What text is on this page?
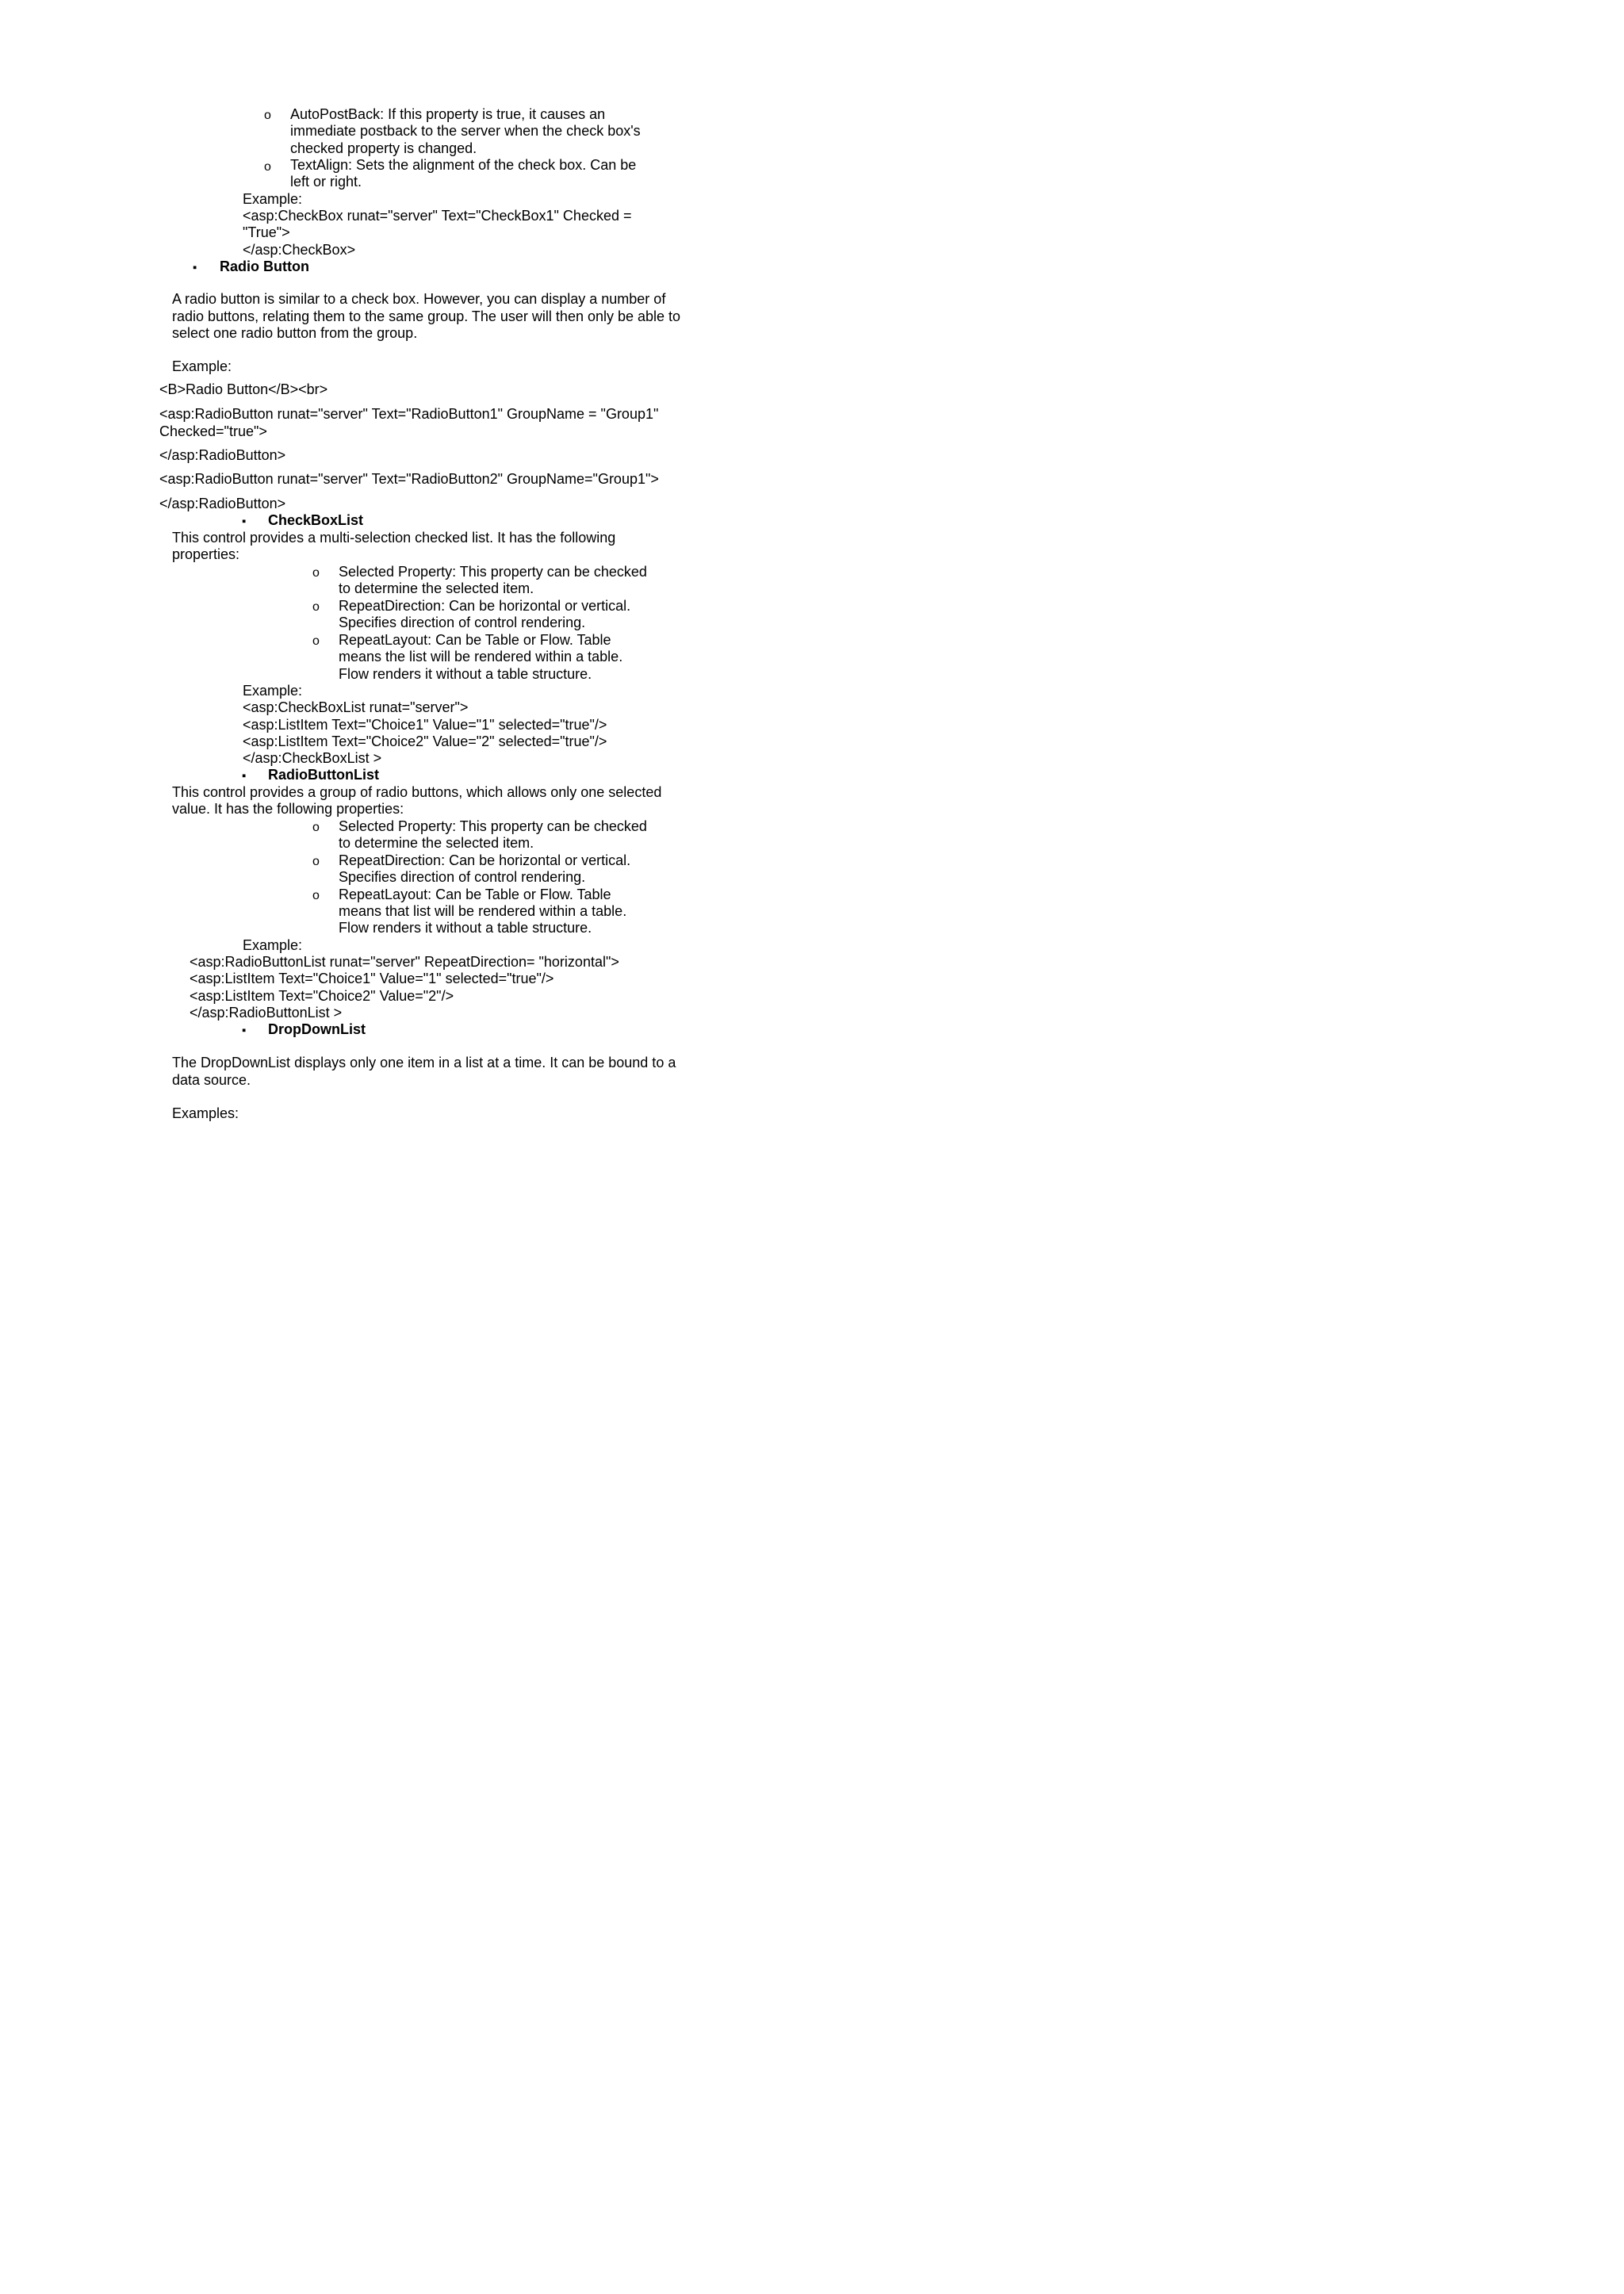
o AutoPostBack: If this property is true, it causes an
immediate postback to the server when the check box's
checked property is changed.
o TextAlign: Sets the alignment of the check box. Can be
left or right.
Example:
<asp:CheckBox runat="server" Text="CheckBox1" Checked =
"True">
</asp:CheckBox>
▪ Radio Button
A radio button is similar to a check box. However, you can display a number of
radio buttons, relating them to the same group. The user will then only be able to
select one radio button from the group.
Example:
<B>Radio Button</B><br>
<asp:RadioButton runat="server" Text="RadioButton1" GroupName = "Group1"
Checked="true">
</asp:RadioButton>
<asp:RadioButton runat="server" Text="RadioButton2" GroupName="Group1">
</asp:RadioButton>
▪ CheckBoxList
This control provides a multi-selection checked list. It has the following
properties:
o Selected Property: This property can be checked
to determine the selected item.
o RepeatDirection: Can be horizontal or vertical.
Specifies direction of control rendering.
o RepeatLayout: Can be Table or Flow. Table
means the list will be rendered within a table.
Flow renders it without a table structure.
Example:
<asp:CheckBoxList runat="server">
<asp:ListItem Text="Choice1" Value="1" selected="true"/>
<asp:ListItem Text="Choice2" Value="2" selected="true"/>
</asp:CheckBoxList >
▪ RadioButtonList
This control provides a group of radio buttons, which allows only one selected
value. It has the following properties:
o Selected Property: This property can be checked
to determine the selected item.
o RepeatDirection: Can be horizontal or vertical.
Specifies direction of control rendering.
o RepeatLayout: Can be Table or Flow. Table
means that list will be rendered within a table.
Flow renders it without a table structure.
Example:
<asp:RadioButtonList runat="server" RepeatDirection= "horizontal">
<asp:ListItem Text="Choice1" Value="1" selected="true"/>
<asp:ListItem Text="Choice2" Value="2"/>
</asp:RadioButtonList >
▪ DropDownList
The DropDownList displays only one item in a list at a time. It can be bound to a
data source.
Examples:
